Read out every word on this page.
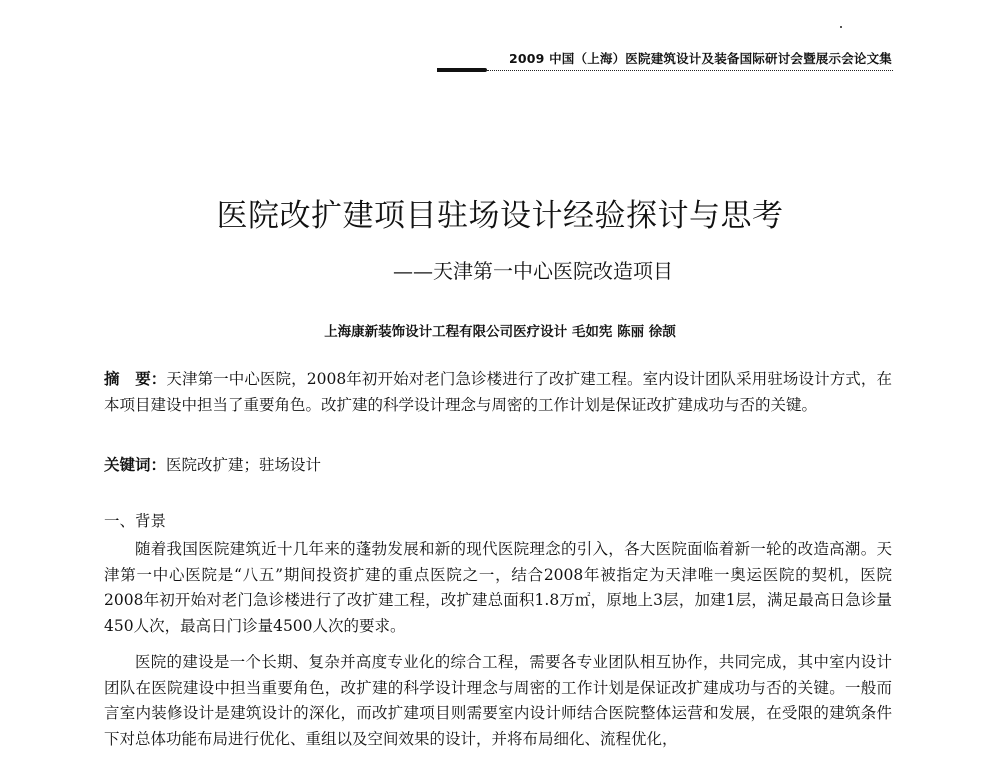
2009 中国（上海）医院建筑设计及装备国际研讨会暨展示会论文集
医院改扩建项目驻场设计经验探讨与思考
——天津第一中心医院改造项目
上海康新装饰设计工程有限公司医疗设计 毛如宪 陈丽 徐颉
摘　要：天津第一中心医院，2008年初开始对老门急诊楼进行了改扩建工程。室内设计团队采用驻场设计方式，在本项目建设中担当了重要角色。改扩建的科学设计理念与周密的工作计划是保证改扩建成功与否的关键。
关键词：医院改扩建；驻场设计
一、背景

随着我国医院建筑近十几年来的蓬勃发展和新的现代医院理念的引入，各大医院面临着新一轮的改造高潮。天津第一中心医院是“八五”期间投资扩建的重点医院之一，结合2008年被指定为天津唯一奥运医院的契机，医院2008年初开始对老门急诊楼进行了改扩建工程，改扩建总面积1.8万㎡，原地上3层，加建1层，满足最高日急诊量450人次，最高日门诊量4500人次的要求。

医院的建设是一个长期、复杂并高度专业化的综合工程，需要各专业团队相互协作，共同完成，其中室内设计团队在医院建设中担当重要角色，改扩建的科学设计理念与周密的工作计划是保证改扩建成功与否的关键。一般而言室内装修设计是建筑设计的深化，而改扩建项目则需要室内设计师结合医院整体运营和发展，在受限的建筑条件下对总体功能布局进行优化、重组以及空间效果的设计，并将布局细化、流程优化，
